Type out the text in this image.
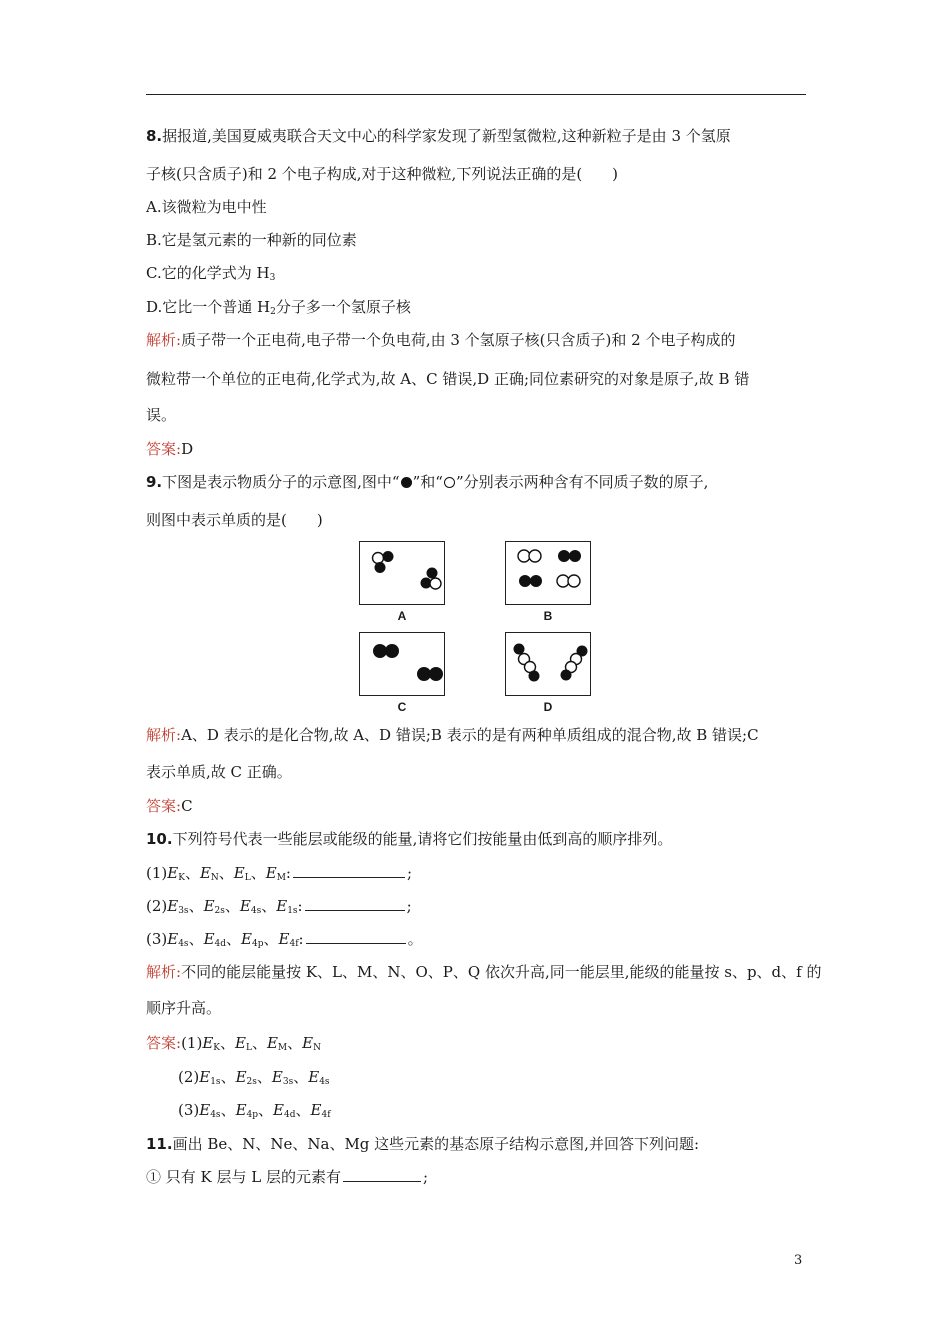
8.据报道,美国夏威夷联合天文中心的科学家发现了新型氢微粒,这种新粒子是由 3 个氢原
子核(只含质子)和 2 个电子构成,对于这种微粒,下列说法正确的是(　　)
A.该微粒为电中性
B.它是氢元素的一种新的同位素
C.它的化学式为 $H_3$
D.它比一个普通 $H_2$分子多一个氢原子核
解析:质子带一个正电荷,电子带一个负电荷,由 3 个氢原子核(只含质子)和 2 个电子构成的
微粒带一个单位的正电荷,化学式为,故 A、C 错误,D 正确;同位素研究的对象是原子,故 B 错
误。
答案:D
9.下图是表示物质分子的示意图,图中“ ”和“ ”分别表示两种含有不同质子数的原子,
则图中表示单质的是(　　)
A	B
C	D
解析:A、D 表示的是化合物,故 A、D 错误;B 表示的是有两种单质组成的混合物,故 B 错误;C
表示单质,故 C 正确。
答案:C
10.下列符号代表一些能层或能级的能量,请将它们按能量由低到高的顺序排列。
$(1)E_K$、$E_N$、$E_L$、$E_M$:	;
$(2)E_{3s}$、$E_{2s}$、$E_{4s}$、$E_{1s}$:	;
$(3)E_{4s}$、$E_{4d}$、$E_{4p}$、$E_{4f}$:	。
解析:不同的能层能量按 K、L、M、N、O、P、Q 依次升高,同一能层里,能级的能量按 s、p、d、f 的
顺序升高。
答案$:(1)E_K$、$E_L$、$E_M$、$E_N$
$(2)E_{1s}$、$E_{2s}$、$E_{3s}$、$E_{4s}$
$(3)E_{4s}$、$E_{4p}$、$E_{4d}$、$E_{4f}$
11.画出 Be、N、Ne、Na、Mg 这些元素的基态原子结构示意图,并回答下列问题:
① 只有 K 层与 L 层的元素有	;
3
